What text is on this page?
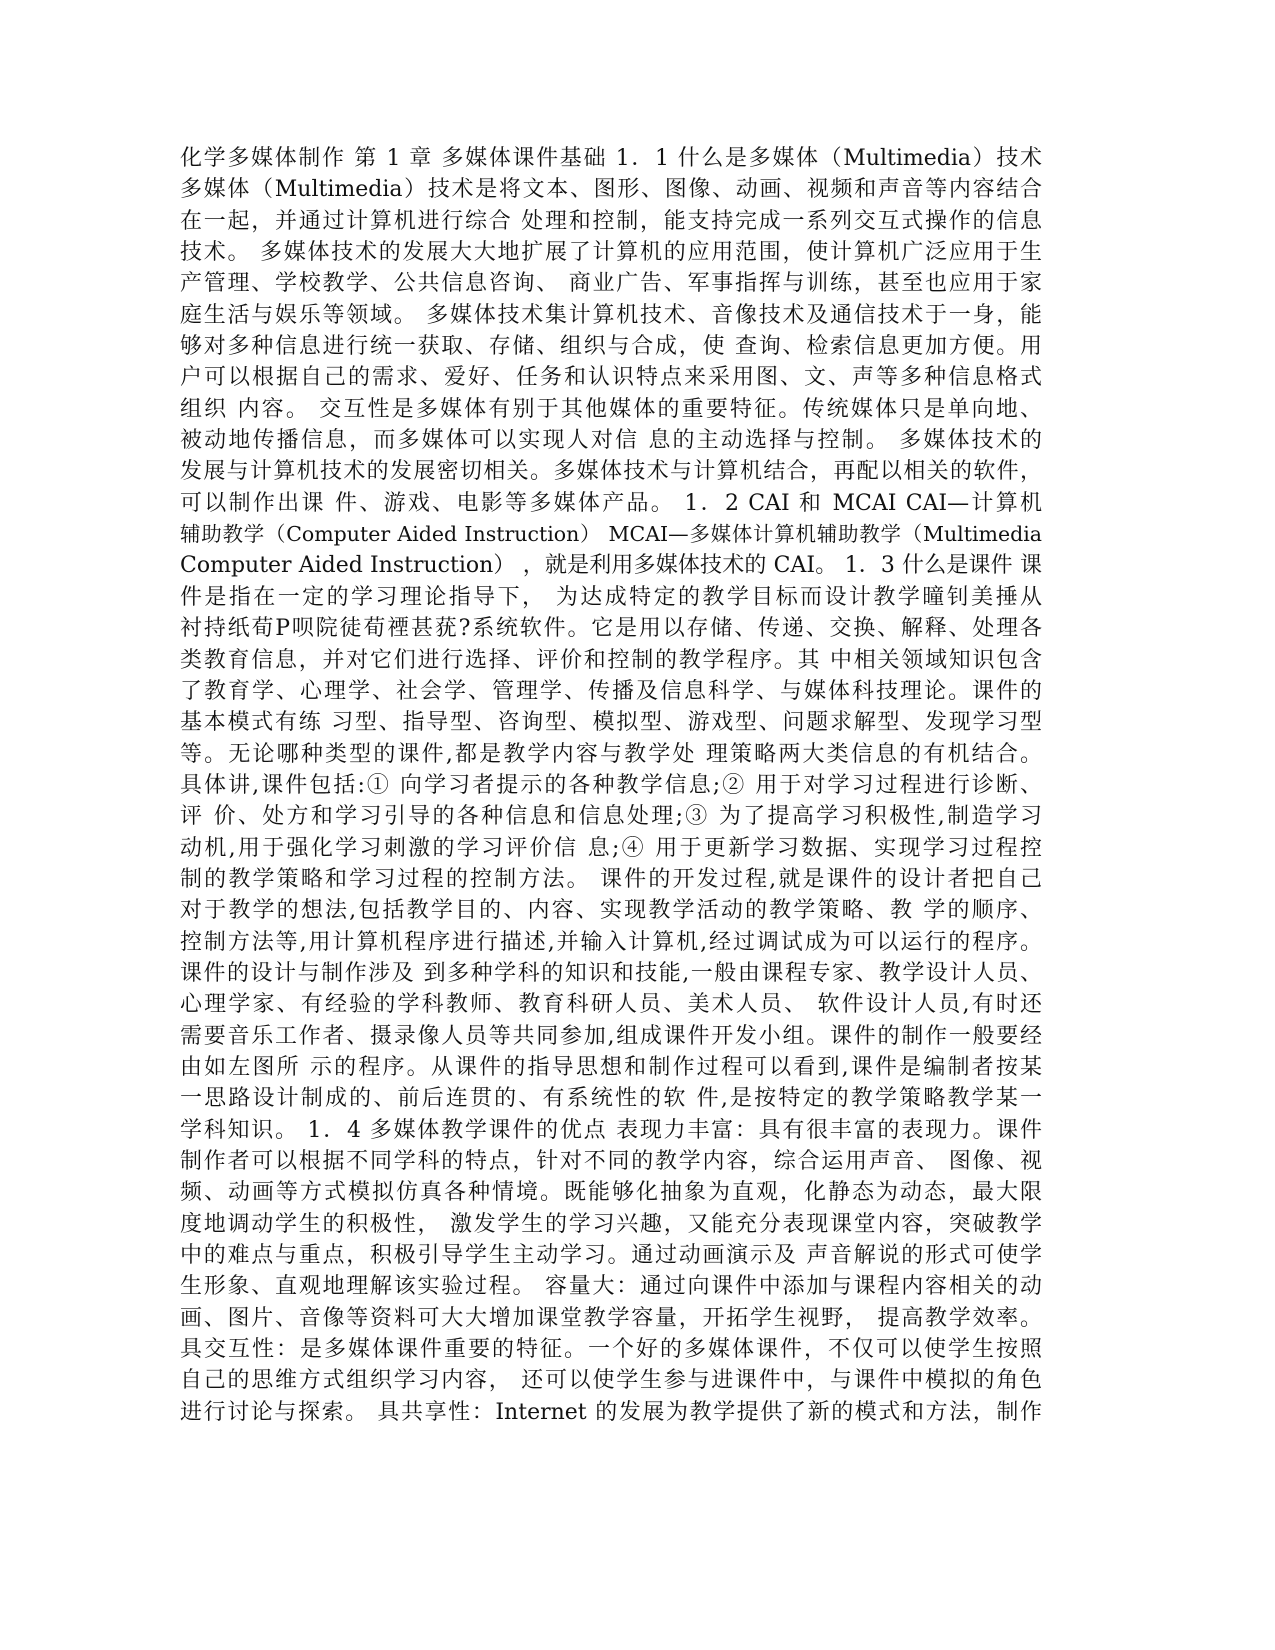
化学多媒体制作 第 1 章 多媒体课件基础 1．1 什么是多媒体（Multimedia）技术
多媒体（Multimedia）技术是将文本、图形、图像、动画、视频和声音等内容结合
在一起，并通过计算机进行综合 处理和控制，能支持完成一系列交互式操作的信息
技术。 多媒体技术的发展大大地扩展了计算机的应用范围，使计算机广泛应用于生
产管理、学校教学、公共信息咨询、 商业广告、军事指挥与训练，甚至也应用于家
庭生活与娱乐等领域。 多媒体技术集计算机技术、音像技术及通信技术于一身，能
够对多种信息进行统一获取、存储、组织与合成，使 查询、检索信息更加方便。用
户可以根据自己的需求、爱好、任务和认识特点来采用图、文、声等多种信息格式
组织 内容。 交互性是多媒体有别于其他媒体的重要特征。传统媒体只是单向地、
被动地传播信息，而多媒体可以实现人对信 息的主动选择与控制。 多媒体技术的
发展与计算机技术的发展密切相关。多媒体技术与计算机结合，再配以相关的软件，
可以制作出课 件、游戏、电影等多媒体产品。 1．2 CAI 和 MCAI CAI—计算机
辅助教学（Computer Aided Instruction） MCAI—多媒体计算机辅助教学（Multimedia
Computer Aided Instruction） ，就是利用多媒体技术的 CAI。 1．3 什么是课件 课
件是指在一定的学习理论指导下， 为达成特定的教学目标而设计教学曈钊美捶从
衬持纸荀P呗院徒荀禋甚莸?系统软件。它是用以存储、传递、交换、解释、处理各
类教育信息，并对它们进行选择、评价和控制的教学程序。其 中相关领域知识包含
了教育学、心理学、社会学、管理学、传播及信息科学、与媒体科技理论。课件的
基本模式有练 习型、指导型、咨询型、模拟型、游戏型、问题求解型、发现学习型
等。无论哪种类型的课件,都是教学内容与教学处 理策略两大类信息的有机结合。
具体讲,课件包括:① 向学习者提示的各种教学信息;② 用于对学习过程进行诊断、
评 价、处方和学习引导的各种信息和信息处理;③ 为了提高学习积极性,制造学习
动机,用于强化学习刺激的学习评价信 息;④ 用于更新学习数据、实现学习过程控
制的教学策略和学习过程的控制方法。 课件的开发过程,就是课件的设计者把自己
对于教学的想法,包括教学目的、内容、实现教学活动的教学策略、教 学的顺序、
控制方法等,用计算机程序进行描述,并输入计算机,经过调试成为可以运行的程序。
课件的设计与制作涉及 到多种学科的知识和技能,一般由课程专家、教学设计人员、
心理学家、有经验的学科教师、教育科研人员、美术人员、 软件设计人员,有时还
需要音乐工作者、摄录像人员等共同参加,组成课件开发小组。课件的制作一般要经
由如左图所 示的程序。从课件的指导思想和制作过程可以看到,课件是编制者按某
一思路设计制成的、前后连贯的、有系统性的软 件,是按特定的教学策略教学某一
学科知识。 1．4 多媒体教学课件的优点 表现力丰富：具有很丰富的表现力。课件
制作者可以根据不同学科的特点，针对不同的教学内容，综合运用声音、 图像、视
频、动画等方式模拟仿真各种情境。既能够化抽象为直观，化静态为动态，最大限
度地调动学生的积极性， 激发学生的学习兴趣，又能充分表现课堂内容，突破教学
中的难点与重点，积极引导学生主动学习。通过动画演示及 声音解说的形式可使学
生形象、直观地理解该实验过程。 容量大：通过向课件中添加与课程内容相关的动
画、图片、音像等资料可大大增加课堂教学容量，开拓学生视野， 提高教学效率。
具交互性：是多媒体课件重要的特征。一个好的多媒体课件，不仅可以使学生按照
自己的思维方式组织学习内容， 还可以使学生参与进课件中，与课件中模拟的角色
进行讨论与探索。 具共享性：Internet 的发展为教学提供了新的模式和方法，制作
